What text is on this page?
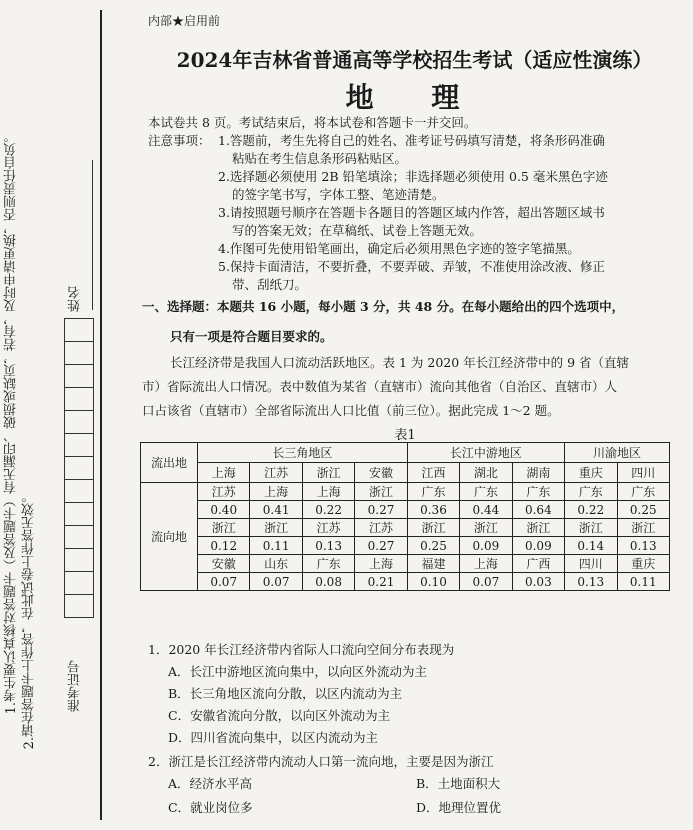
1.考生要认真核对答题卡（及答题卡）有无漏印、破损或缺页，若有，及时申请更换，否则责任自负。 2.请在答题卡上作答，在此试卷上作答无效。
姓名
准考证号
内部★启用前
2024年吉林省普通高等学校招生考试（适应性演练）
地 理
本试卷共 8 页。考试结束后，将本试卷和答题卡一并交回。
注意事项： 1.答题前，考生先将自己的姓名、准考证号码填写清楚，将条形码准确
粘贴在考生信息条形码粘贴区。
2.选择题必须使用 2B 铅笔填涂；非选择题必须使用 0.5 毫米黑色字迹
的签字笔书写，字体工整、笔迹清楚。
3.请按照题号顺序在答题卡各题目的答题区域内作答，超出答题区域书
写的答案无效；在草稿纸、试卷上答题无效。
4.作图可先使用铅笔画出，确定后必须用黑色字迹的签字笔描黑。
5.保持卡面清洁，不要折叠，不要弄破、弄皱，不准使用涂改液、修正
带、刮纸刀。
一、选择题：本题共 16 小题，每小题 3 分，共 48 分。在每小题给出的四个选项中，
只有一项是符合题目要求的。
长江经济带是我国人口流动活跃地区。表 1 为 2020 年长江经济带中的 9 省（直辖
市）省际流出人口情况。表中数值为某省（直辖市）流向其他省（自治区、直辖市）人
口占该省（直辖市）全部省际流出人口比值（前三位）。据此完成 1～2 题。
表1
流出地	长三角地区				长江中游地区			川渝地区	
	上海	江苏	浙江	安徽	江西	湖北	湖南	重庆	四川
流向地	江苏	上海	上海	浙江	广东	广东	广东	广东	广东
	0.40	0.41	0.22	0.27	0.36	0.44	0.64	0.22	0.25
	浙江	浙江	江苏	江苏	浙江	浙江	浙江	浙江	浙江
	0.12	0.11	0.13	0.27	0.25	0.09	0.09	0.14	0.13
	安徽	山东	广东	上海	福建	上海	广西	四川	重庆
	0.07	0.07	0.08	0.21	0.10	0.07	0.03	0.13	0.11
1．2020 年长江经济带内省际人口流向空间分布表现为
A．长江中游地区流向集中，以向区外流动为主
B．长三角地区流向分散，以区内流动为主
C．安徽省流向分散，以向区外流动为主
D．四川省流向集中，以区内流动为主
2．浙江是长江经济带内流动人口第一流向地，主要是因为浙江
A．经济水平高	B．土地面积大
C．就业岗位多	D．地理位置优
